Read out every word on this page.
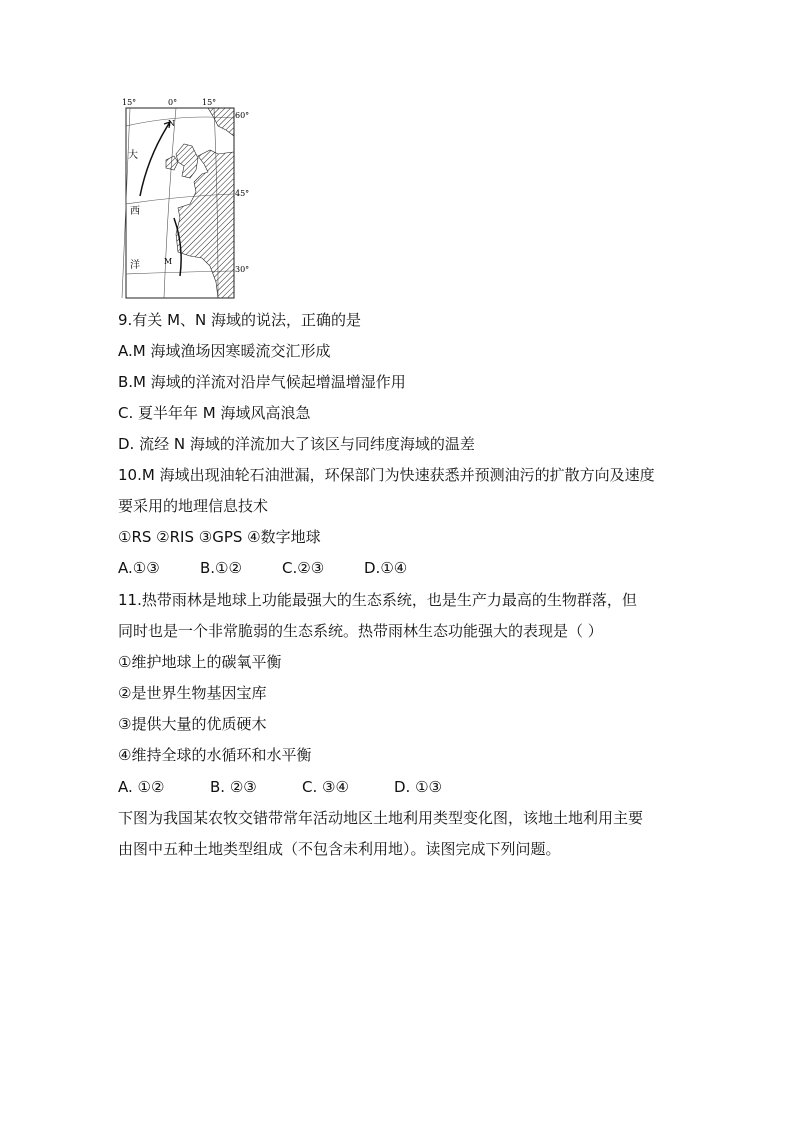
15°	0°	15°
60°
45°
30°
大
西
洋
N
M
9.有关 M、N 海域的说法，正确的是
A.M 海域渔场因寒暖流交汇形成
B.M 海域的洋流对沿岸气候起增温增湿作用
C. 夏半年年 M 海域风高浪急
D. 流经 N 海域的洋流加大了该区与同纬度海域的温差
10.M 海域出现油轮石油泄漏，环保部门为快速获悉并预测油污的扩散方向及速度
要采用的地理信息技术
①RS ②RIS ③GPS ④数字地球
A.①③	B.①②	C.②③	D.①④
11.热带雨林是地球上功能最强大的生态系统，也是生产力最高的生物群落，但
同时也是一个非常脆弱的生态系统。热带雨林生态功能强大的表现是（ ）
①维护地球上的碳氧平衡
②是世界生物基因宝库
③提供大量的优质硬木
④维持全球的水循环和水平衡
A. ①②	B. ②③	C. ③④	D. ①③
下图为我国某农牧交错带常年活动地区土地利用类型变化图，该地土地利用主要
由图中五种土地类型组成（不包含未利用地）。读图完成下列问题。
